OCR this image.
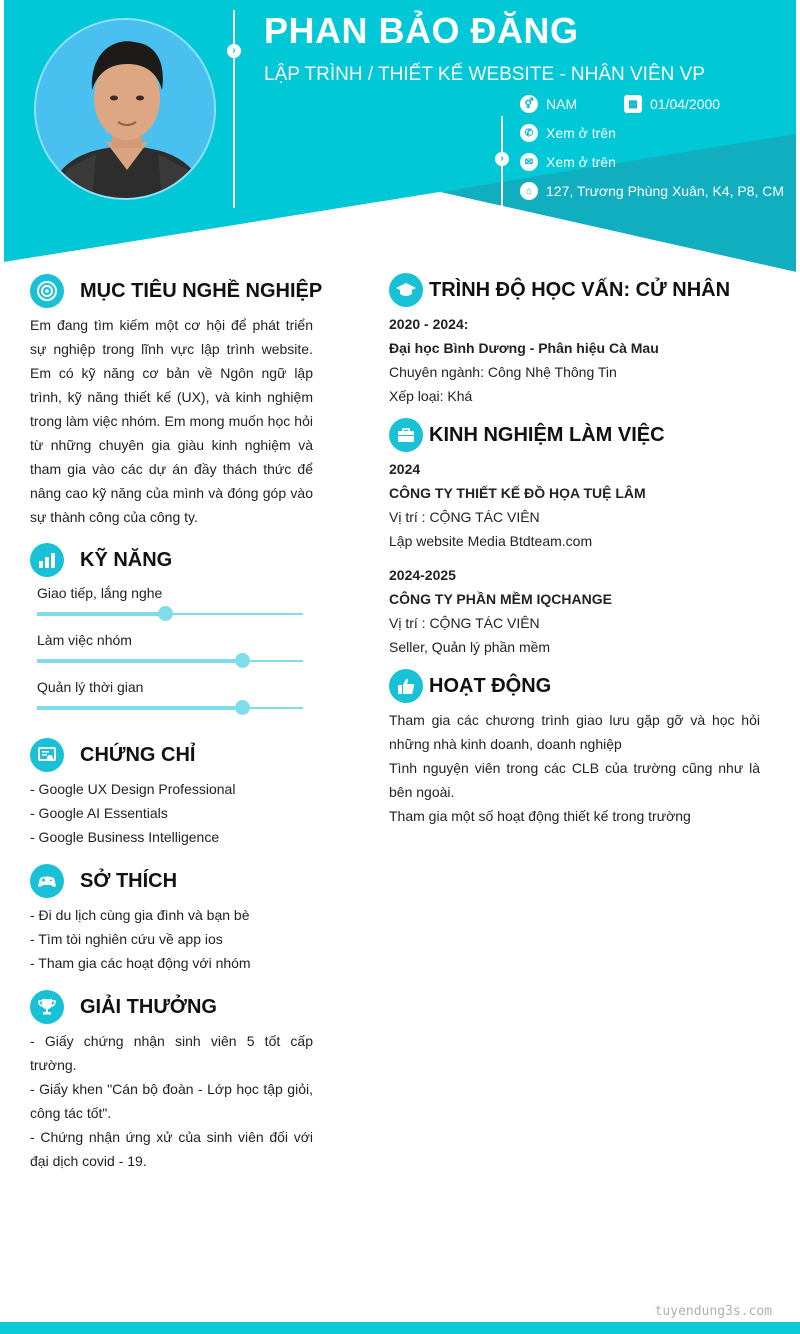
› PHAN BẢO ĐĂNG
LẬP TRÌNH / THIẾT KẾ WEBSITE - NHÂN VIÊN VP
›
⚥ NAM	▦ 01/04/2000
✆ Xem ở trên
✉ Xem ở trên
⌂ 127, Trương Phùng Xuân, K4, P8, CM
MỤC TIÊU NGHỀ NGHIỆP
Em đang tìm kiếm một cơ hội để phát triển sự nghiệp trong lĩnh vực lập trình website. Em có kỹ năng cơ bản về Ngôn ngữ lập trình, kỹ năng thiết kế (UX), và kinh nghiệm trong làm việc nhóm. Em mong muốn học hỏi từ những chuyên gia giàu kinh nghiệm và tham gia vào các dự án đầy thách thức để nâng cao kỹ năng của mình và đóng góp vào sự thành công của công ty.
KỸ NĂNG
Giao tiếp, lắng nghe
Làm việc nhóm
Quản lý thời gian
CHỨNG CHỈ
- Google UX Design Professional
- Google AI Essentials
- Google Business Intelligence
SỞ THÍCH
- Đi du lịch cùng gia đình và bạn bè
- Tìm tòi nghiên cứu về app ios
- Tham gia các hoạt động với nhóm
GIẢI THƯỞNG
- Giấy chứng nhận sinh viên 5 tốt cấp trường.
- Giấy khen "Cán bộ đoàn - Lớp học tập giỏi, công tác tốt".
- Chứng nhận ứng xử của sinh viên đối với đại dịch covid - 19.
TRÌNH ĐỘ HỌC VẤN: CỬ NHÂN
2020 - 2024:
Đại học Bình Dương - Phân hiệu Cà Mau
Chuyên ngành: Công Nhệ Thông Tin
Xếp loại: Khá
KINH NGHIỆM LÀM VIỆC
2024
CÔNG TY THIẾT KẾ ĐỒ HỌA TUỆ LÂM
Vị trí : CỘNG TÁC VIÊN
Lập website Media Btdteam.com
2024-2025
CÔNG TY PHẦN MỀM IQCHANGE
Vị trí : CỘNG TÁC VIÊN
Seller, Quản lý phần mềm
HOẠT ĐỘNG
Tham gia các chương trình giao lưu gặp gỡ và học hỏi những nhà kinh doanh, doanh nghiệp
Tình nguyện viên trong các CLB của trường cũng như là bên ngoài.
Tham gia một số hoạt động thiết kế trong trường
tuyendung3s.com
